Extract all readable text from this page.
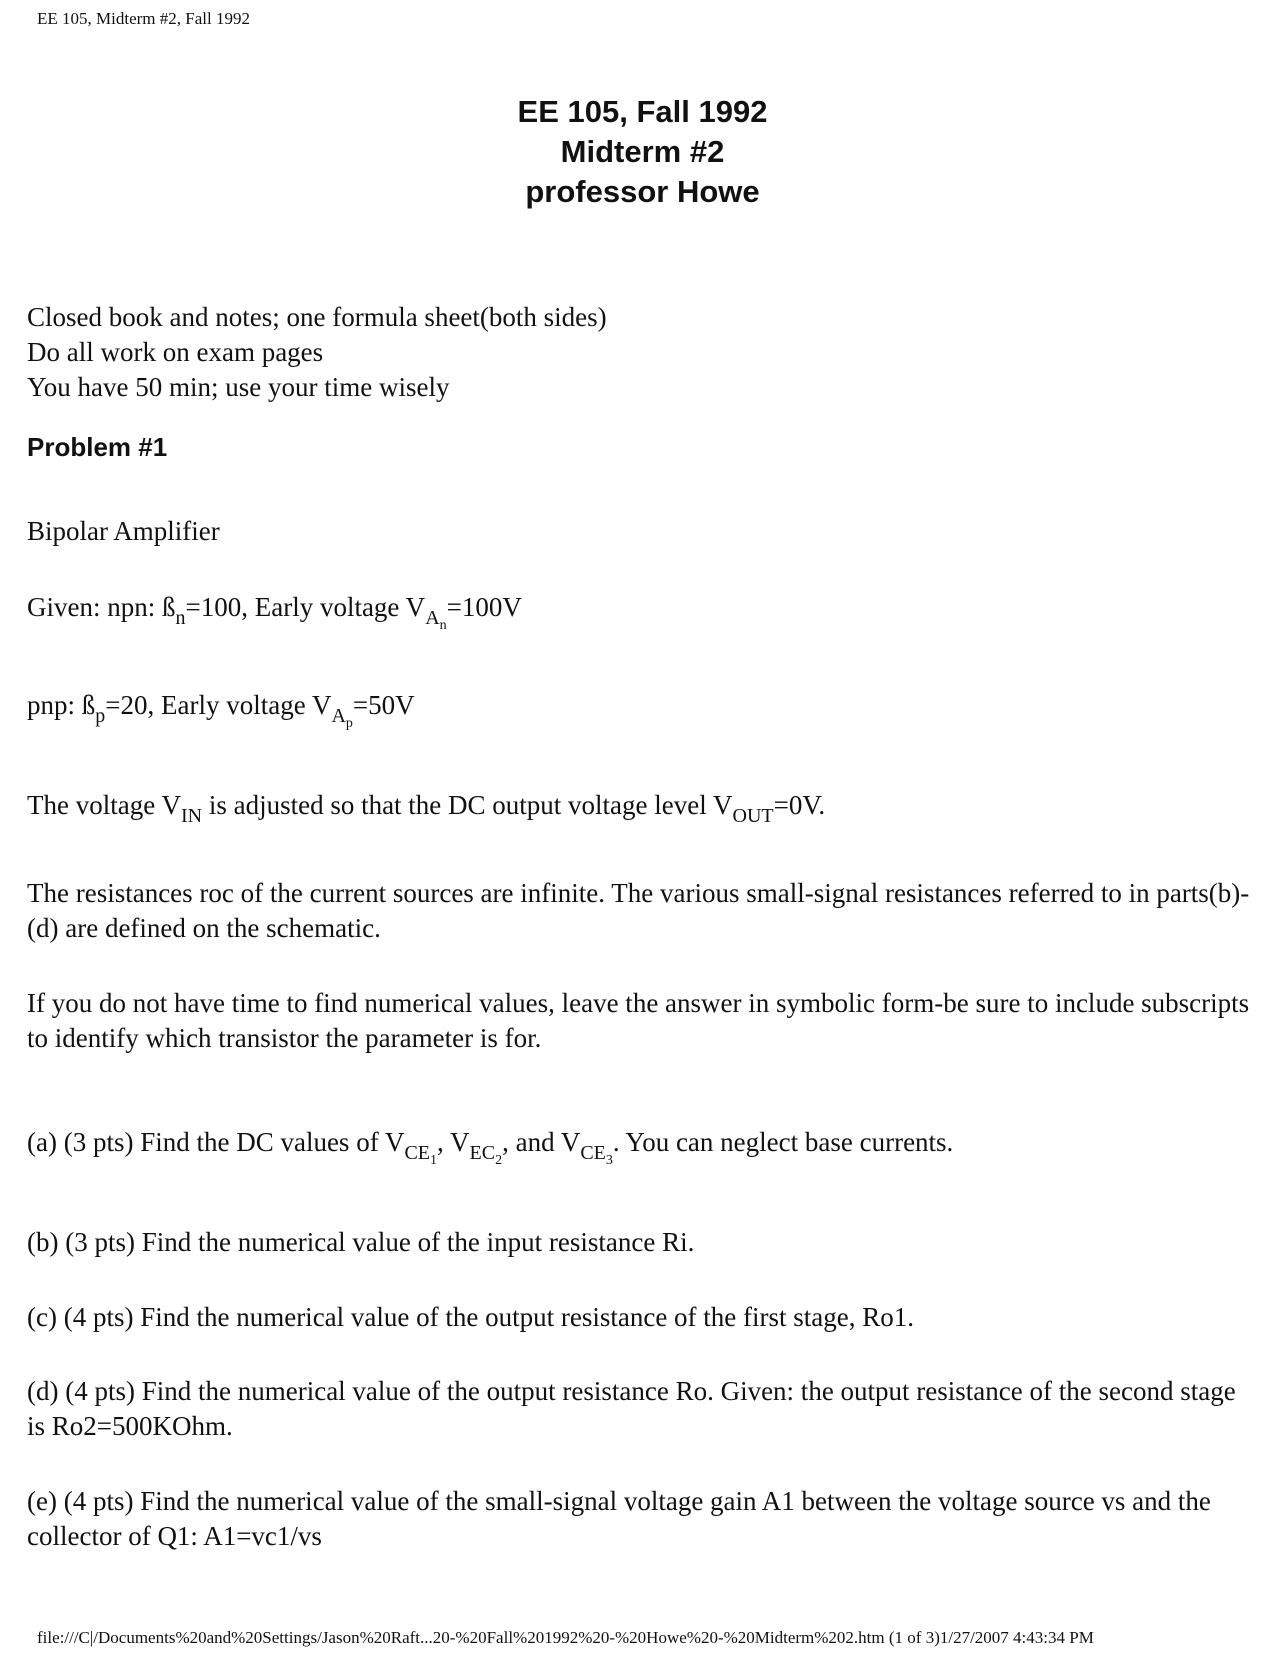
EE 105, Midterm #2, Fall 1992
EE 105, Fall 1992
Midterm #2
professor Howe
Closed book and notes; one formula sheet(both sides)
Do all work on exam pages
You have 50 min; use your time wisely
Problem #1
Bipolar Amplifier
Given: npn: $ß_n=100$, Early voltage $V_{A_n}=100V$
pnp: $ß_p=20$, Early voltage $V_{A_p}=50V$
The voltage $V_{IN}$ is adjusted so that the DC output voltage level $V_{OUT}=0V$.
The resistances roc of the current sources are infinite. The various small-signal resistances referred to in parts(b)-(d) are defined on the schematic.
If you do not have time to find numerical values, leave the answer in symbolic form-be sure to include subscripts to identify which transistor the parameter is for.
(a) (3 pts) Find the DC values of $V_{CE_1}$, $V_{EC_2}$, and $V_{CE_3}$. You can neglect base currents.
(b) (3 pts) Find the numerical value of the input resistance Ri.
(c) (4 pts) Find the numerical value of the output resistance of the first stage, Ro1.
(d) (4 pts) Find the numerical value of the output resistance Ro. Given: the output resistance of the second stage is Ro2=500KOhm.
(e) (4 pts) Find the numerical value of the small-signal voltage gain A1 between the voltage source vs and the collector of Q1: A1=vc1/vs
file:///C|/Documents%20and%20Settings/Jason%20Raft...20-%20Fall%201992%20-%20Howe%20-%20Midterm%202.htm (1 of 3)1/27/2007 4:43:34 PM
